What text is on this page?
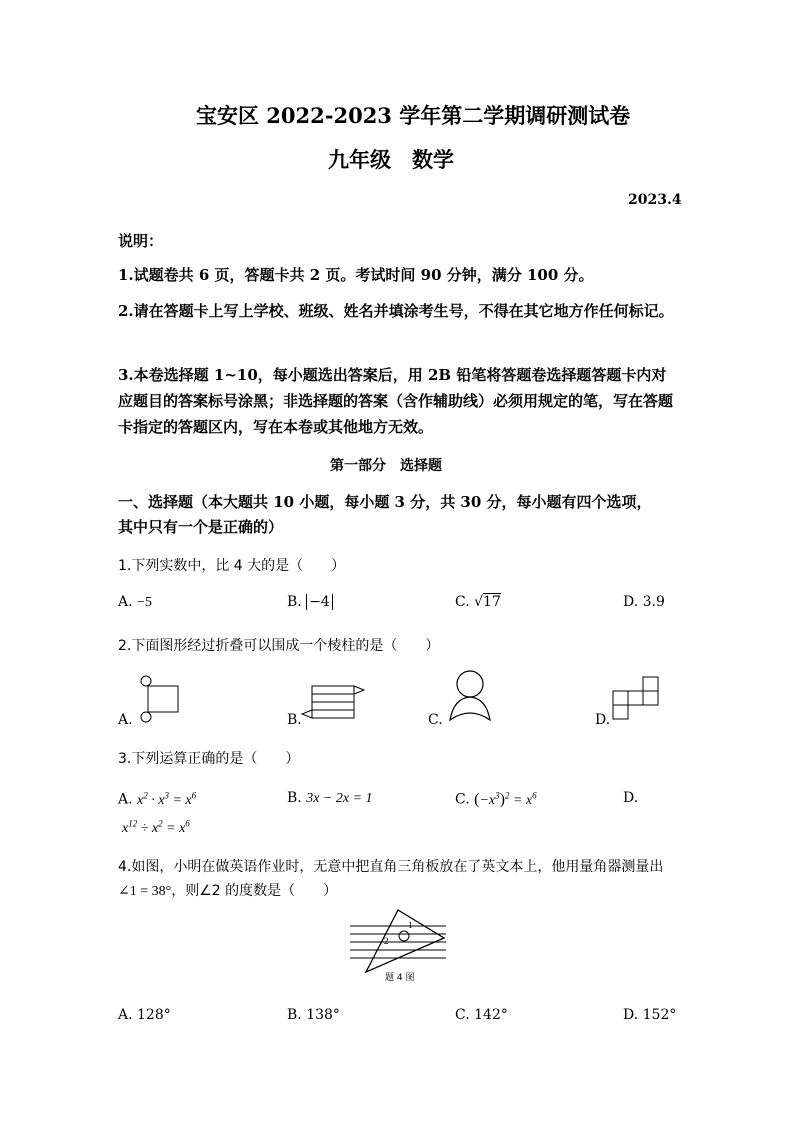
宝安区 2022-2023 学年第二学期调研测试卷
九年级　数学
2023.4
说明：
1.试题卷共 6 页，答题卡共 2 页。考试时间 90 分钟，满分 100 分。
2.请在答题卡上写上学校、班级、姓名并填涂考生号，不得在其它地方作任何标记。
3.本卷选择题 1~10，每小题选出答案后，用 2B 铅笔将答题卷选择题答题卡内对应题目的答案标号涂黑；非选择题的答案（含作辅助线）必须用规定的笔，写在答题卡指定的答题区内，写在本卷或其他地方无效。
第一部分　选择题
一、选择题（本大题共 10 小题，每小题 3 分，共 30 分，每小题有四个选项，
其中只有一个是正确的）
1.下列实数中，比 4 大的是（　　）
A. −5	B. −4	C. √17	D. 3.9
2.下面图形经过折叠可以围成一个棱柱的是（　　）
A.	B.	C.	D.
3.下列运算正确的是（　　）
A. $x^2 \cdot x^3 = x^6$	B. 3x − 2x = 1	C. $(-x^3)^2 = x^6$	D.
$x^{12} \div x^2 = x^6$
4.如图，小明在做英语作业时，无意中把直角三角板放在了英文本上，他用量角器测量出
∠1 = 38°，则∠2 的度数是（　　）
1
2
题 4 图
A. 128°	B. 138°	C. 142°	D. 152°
